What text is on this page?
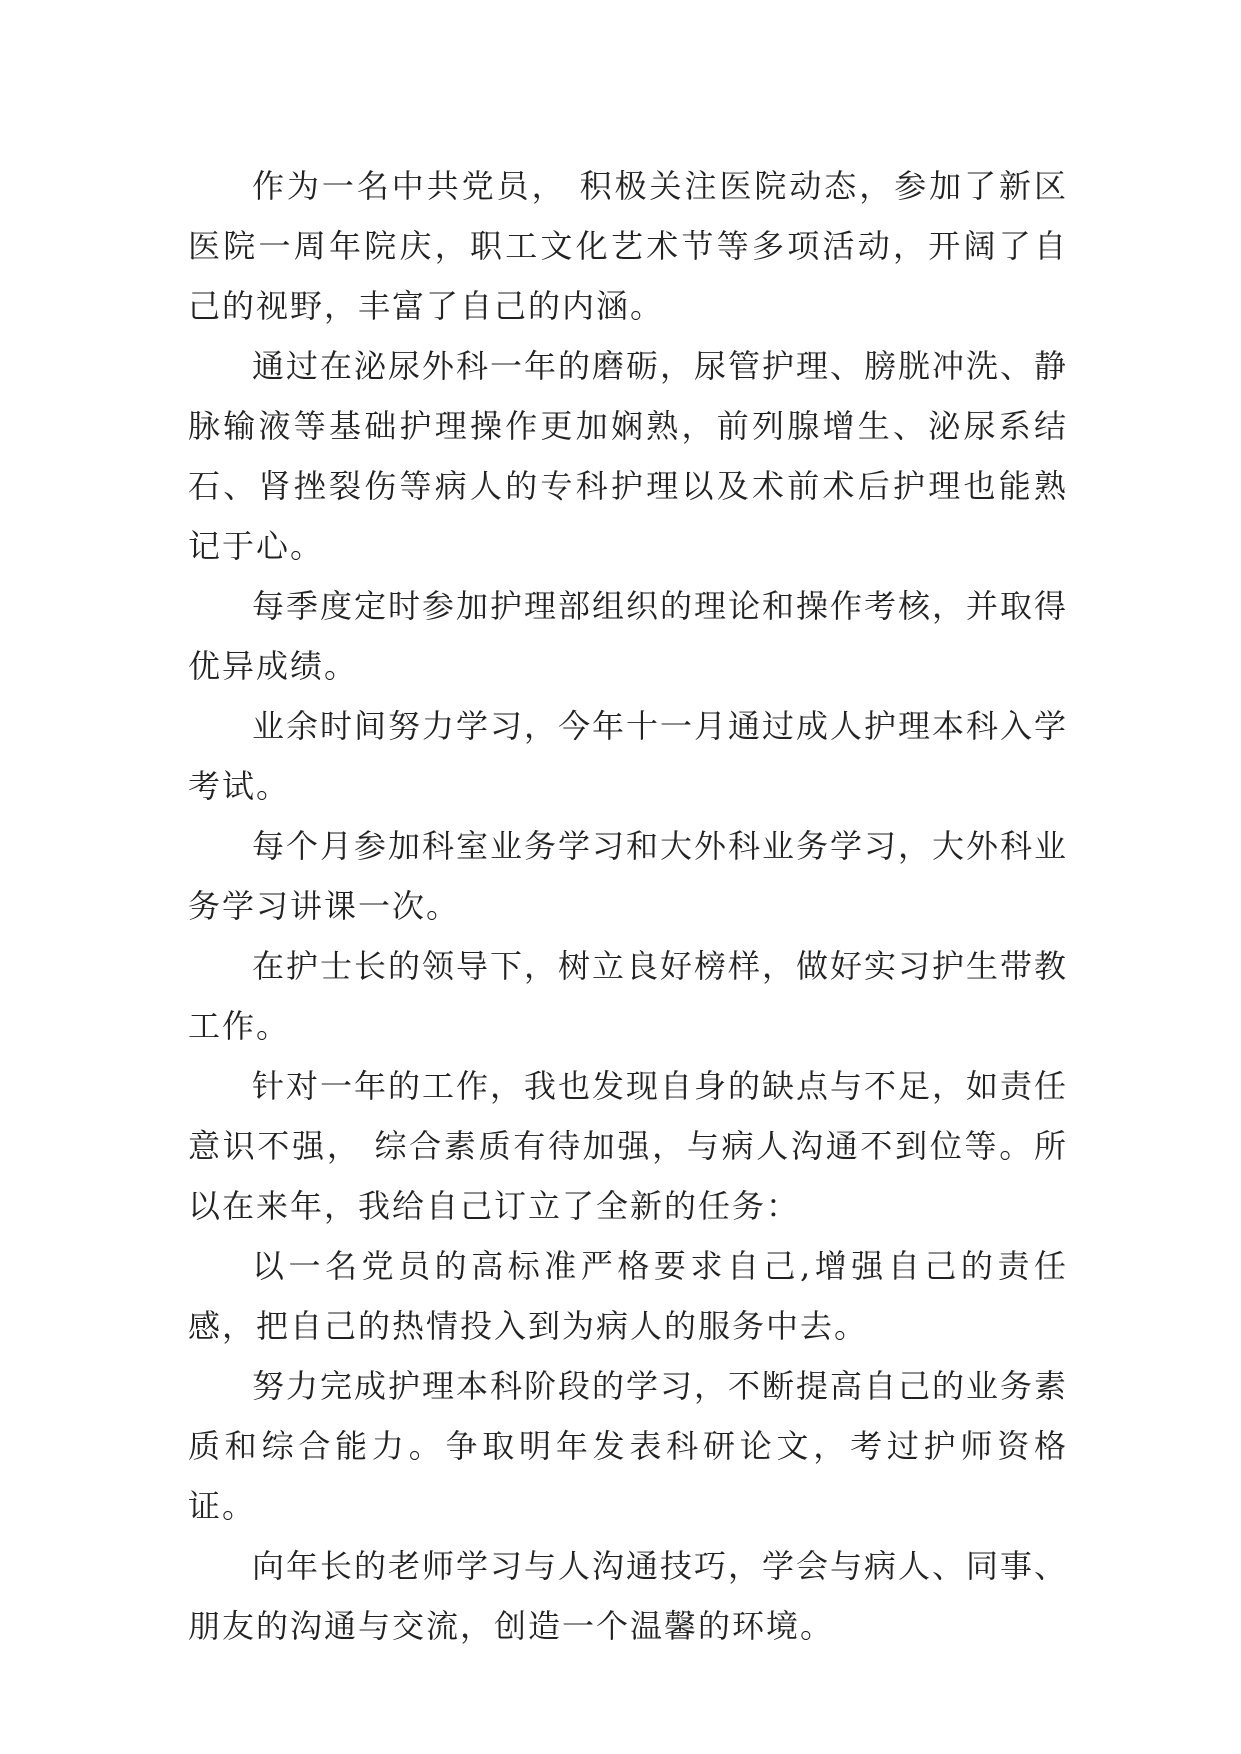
作为一名中共党员， 积极关注医院动态，参加了新区医院一周年院庆，职工文化艺术节等多项活动，开阔了自己的视野，丰富了自己的内涵。

通过在泌尿外科一年的磨砺，尿管护理、膀胱冲洗、静脉输液等基础护理操作更加娴熟，前列腺增生、泌尿系结石、肾挫裂伤等病人的专科护理以及术前术后护理也能熟记于心。

每季度定时参加护理部组织的理论和操作考核，并取得优异成绩。

业余时间努力学习，今年十一月通过成人护理本科入学考试。

每个月参加科室业务学习和大外科业务学习，大外科业务学习讲课一次。

在护士长的领导下，树立良好榜样，做好实习护生带教工作。

针对一年的工作，我也发现自身的缺点与不足，如责任意识不强， 综合素质有待加强，与病人沟通不到位等。所以在来年，我给自己订立了全新的任务：

以一名党员的高标准严格要求自己,增强自己的责任感，把自己的热情投入到为病人的服务中去。

努力完成护理本科阶段的学习，不断提高自己的业务素质和综合能力。争取明年发表科研论文，考过护师资格证。

向年长的老师学习与人沟通技巧，学会与病人、同事、朋友的沟通与交流，创造一个温馨的环境。
